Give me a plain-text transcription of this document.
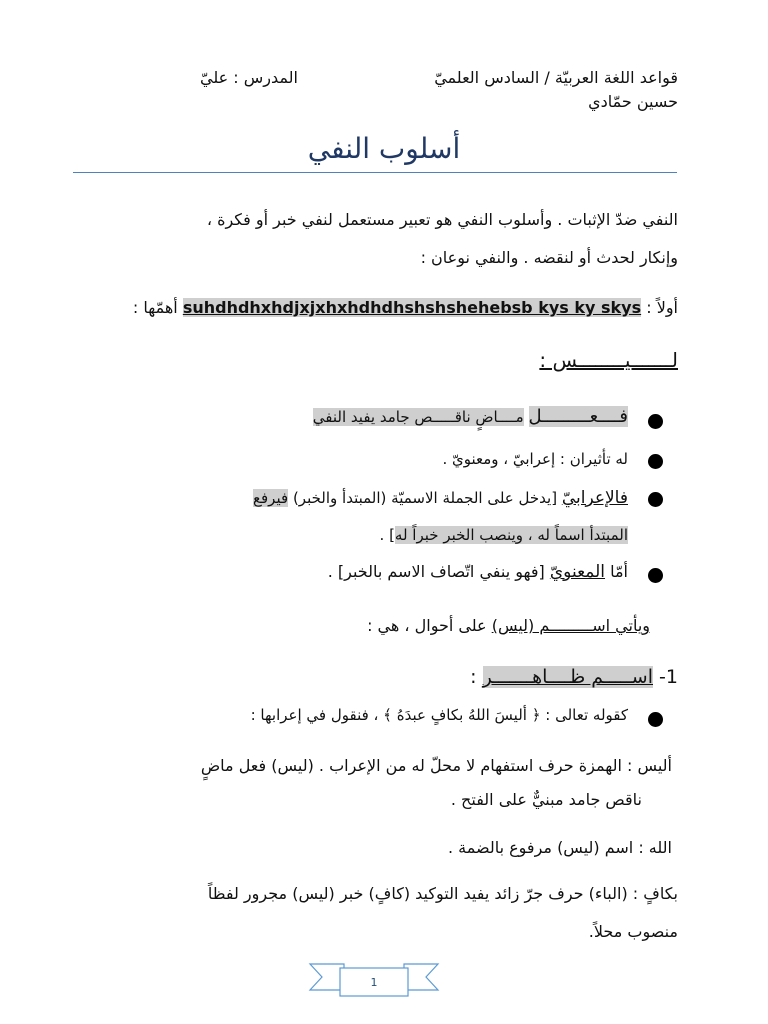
قواعد اللغة العربيّة / السادس العلميّ
المدرس : عليّ
حسين حمّادي
أسلوب النفي
النفي ضدّ الإثبات . وأسلوب النفي هو تعبير مستعمل لنفي خبر أو فكرة ،
وإنكار لحدث أو لنقضه . والنفي نوعان :
أولاً : suhdhdhxhdjxjxhxhdhdhshshshehebsb kys ky skys أهمّها :
لـــــــيــــــــس :
فــــعـــــــــل مــــاضٍ ناقـــــص جامد يفيد النفي
له تأثيران : إعرابيّ ، ومعنويّ .
فالإعرابيّ [يدخل على الجملة الاسميّة (المبتدأ والخبر) فيرفع
المبتدأ اسماً له ، وينصب الخبر خبراً له] .
أمّا المعنويّ [فهو ينفي اتّصاف الاسم بالخبر] .
ويأتي اســـــــــم (ليس) على أحوال ، هي :
1- اســـــم ظــــاهـــــــر :
كقوله تعالى : ﴿ أليسَ اللهُ بكافٍ عبدَهُ ﴾ ، فنقول في إعرابها :
أليس : الهمزة حرف استفهام لا محلّ له من الإعراب . (ليس) فعل ماضٍ
ناقص جامد مبنيٌّ على الفتح .
الله : اسم (ليس) مرفوع بالضمة .
بكافٍ : (الباء) حرف جرّ زائد يفيد التوكيد (كافٍ) خبر (ليس) مجرور لفظاً
منصوب محلاً.
1
